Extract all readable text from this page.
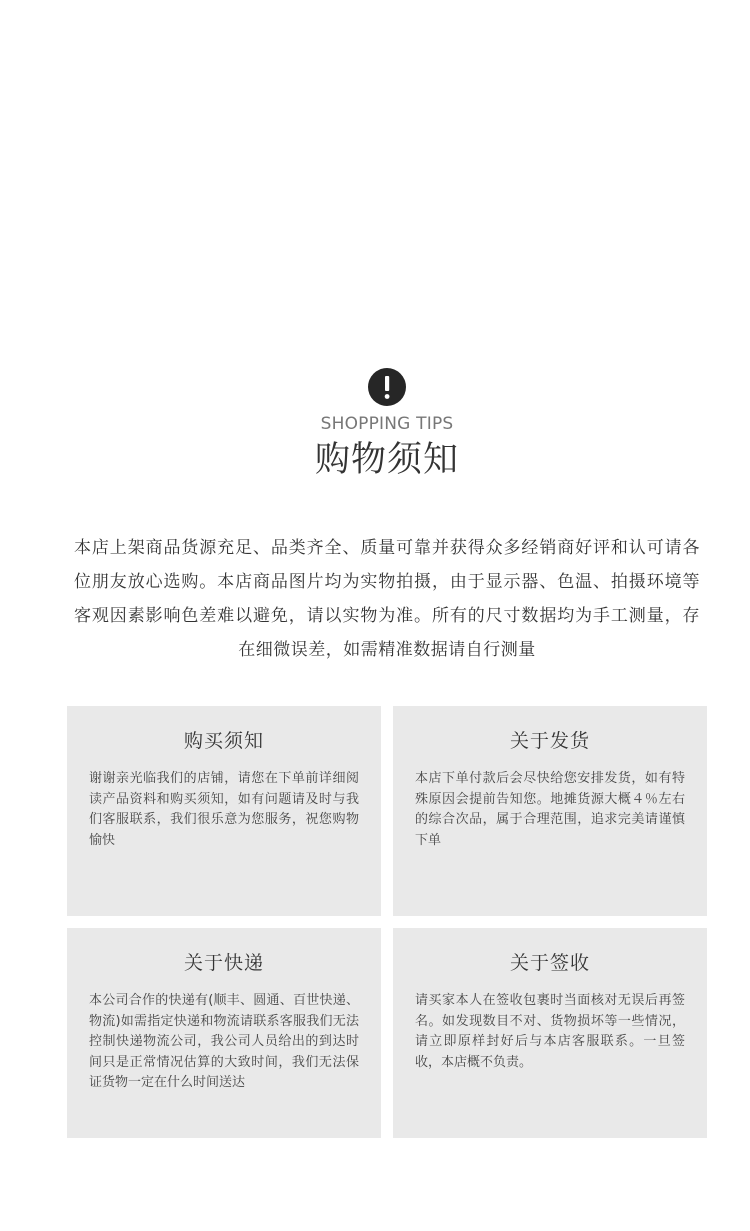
SHOPPING TIPS
购物须知
本店上架商品货源充足、品类齐全、质量可靠并获得众多经销商好评和认可请各位朋友放心选购。本店商品图片均为实物拍摄，由于显示器、色温、拍摄环境等客观因素影响色差难以避免，请以实物为准。所有的尺寸数据均为手工测量，存在细微误差，如需精准数据请自行测量
购买须知
谢谢亲光临我们的店铺，请您在下单前详细阅读产品资料和购买须知，如有问题请及时与我们客服联系，我们很乐意为您服务，祝您购物愉快
关于发货
本店下单付款后会尽快给您安排发货，如有特殊原因会提前告知您。地摊货源大概４％左右的综合次品，属于合理范围，追求完美请谨慎下单
关于快递
本公司合作的快递有(顺丰、圆通、百世快递、物流)如需指定快递和物流请联系客服我们无法控制快递物流公司，我公司人员给出的到达时间只是正常情况估算的大致时间，我们无法保证货物一定在什么时间送达
关于签收
请买家本人在签收包裹时当面核对无误后再签名。如发现数目不对、货物损坏等一些情况，请立即原样封好后与本店客服联系。一旦签收，本店概不负责。
